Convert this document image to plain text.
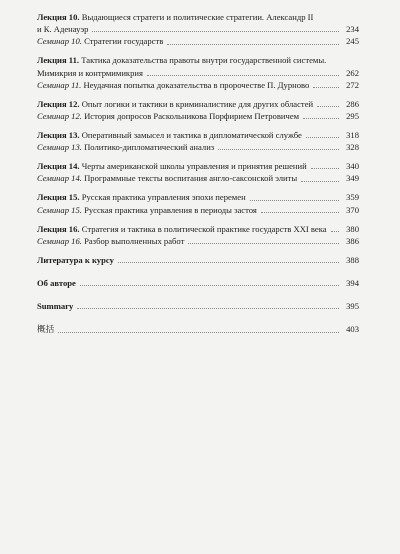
Лекция 10. Выдающиеся стратеги и политические стратегии. Александр II
и К. Аденауэр	234
Семинар 10. Стратегии государств	245
Лекция 11. Тактика доказательства правоты внутри государственной системы.
Мимикрия и контрмимикрия	262
Семинар 11. Неудачная попытка доказательства в пророчестве П. Дурново	272
Лекция 12. Опыт логики и тактики в криминалистике для других областей	286
Семинар 12. История допросов Раскольникова Порфирием Петровичем	295
Лекция 13. Оперативный замысел и тактика в дипломатической службе	318
Семинар 13. Политико-дипломатический анализ	328
Лекция 14. Черты американской школы управления и принятия решений	340
Семинар 14. Программные тексты воспитания англо-саксонской элиты	349
Лекция 15. Русская практика управления эпохи перемен	359
Семинар 15. Русская практика управления в периоды застоя	370
Лекция 16. Стратегия и тактика в политической практике государств XXI века	380
Семинар 16. Разбор выполненных работ	386
Литература к курсу	388
Об авторе	394
Summary	395
概括	403
